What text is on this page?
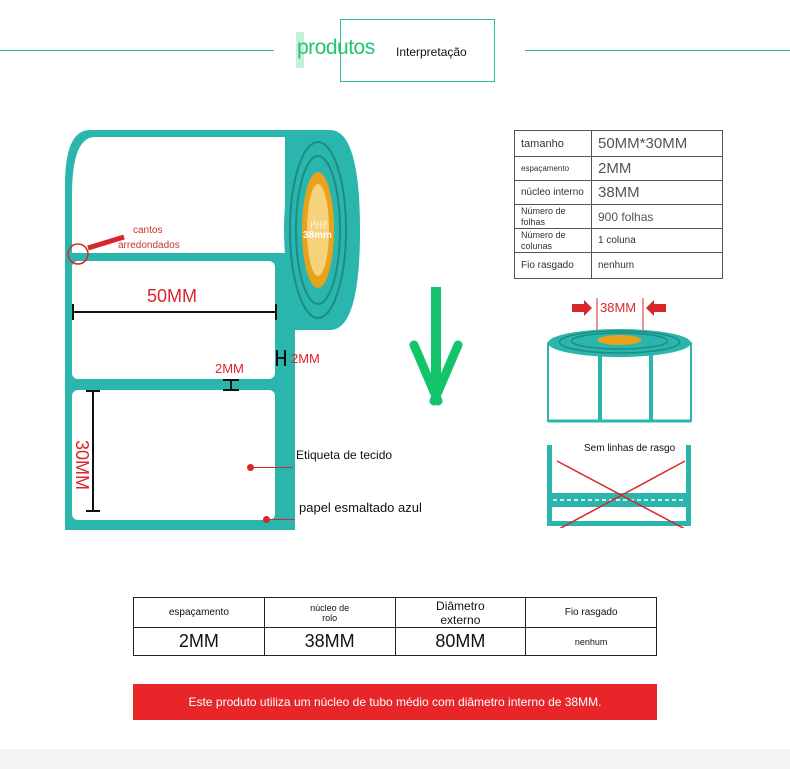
produtos Interpretação
内径
38mm
cantos
arredondados
50MM
2MM
2MM
30MM	Etiqueta de tecido
papel esmaltado azul
tamanho	50MM*30MM
espaçamento	2MM
núcleo interno	38MM
Número de folhas	900 folhas
Número de colunas	1 coluna
Fio rasgado	nenhum
38MM
Sem linhas de rasgo
espaçamento	núcleo de rolo	Diâmetro externo	Fio rasgado
2MM	38MM	80MM	nenhum
Este produto utiliza um núcleo de tubo médio com diâmetro interno de 38MM.
